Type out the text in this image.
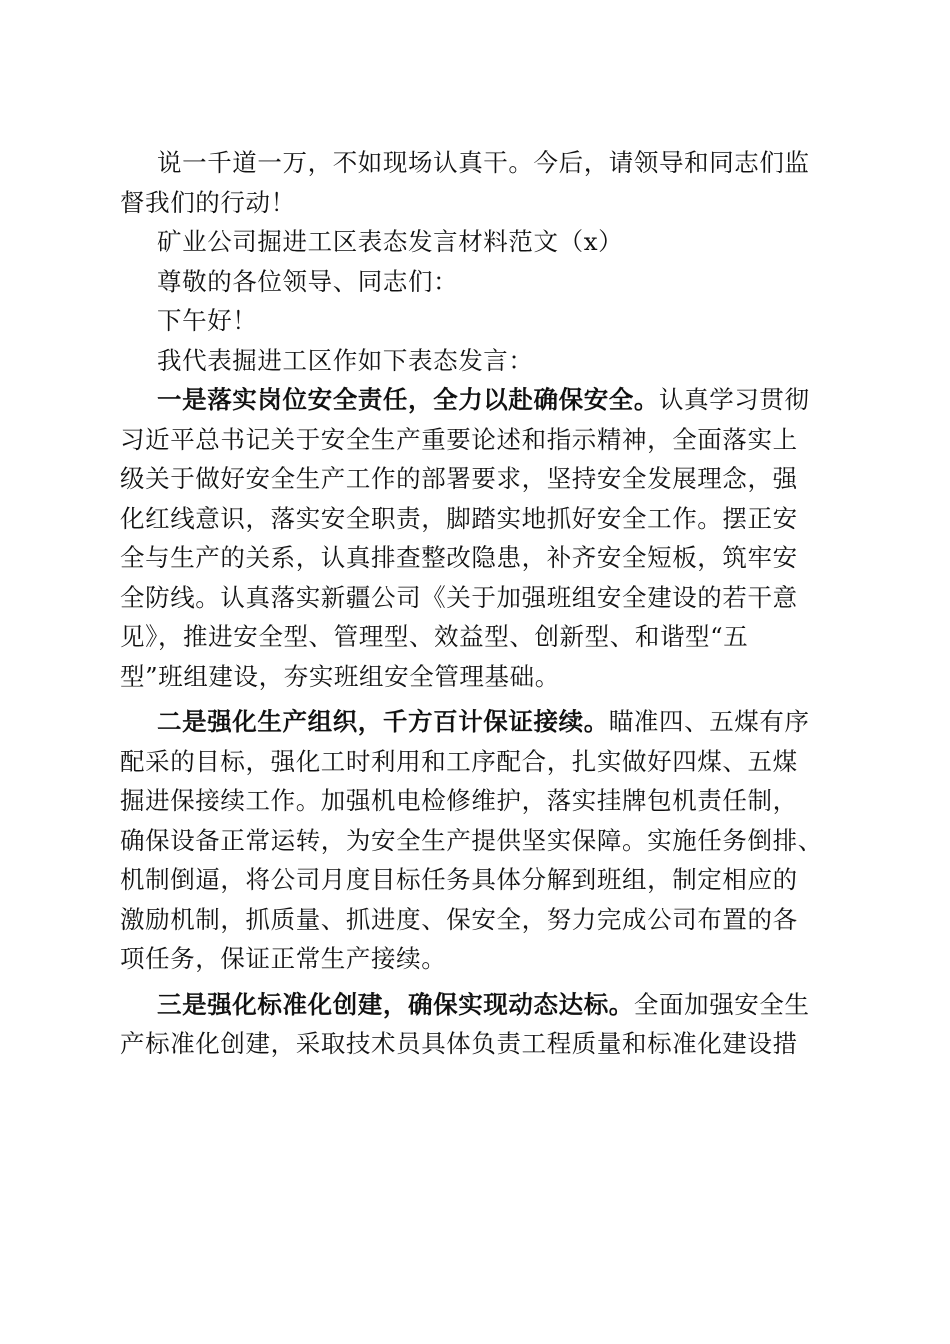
说一千道一万，不如现场认真干。今后，请领导和同志们监

督我们的行动！

矿业公司掘进工区表态发言材料范文（x）

尊敬的各位领导、同志们：

下午好！

我代表掘进工区作如下表态发言：

一是落实岗位安全责任，全力以赴确保安全。认真学习贯彻

习近平总书记关于安全生产重要论述和指示精神，全面落实上

级关于做好安全生产工作的部署要求，坚持安全发展理念，强

化红线意识，落实安全职责，脚踏实地抓好安全工作。摆正安

全与生产的关系，认真排查整改隐患，补齐安全短板，筑牢安

全防线。认真落实新疆公司《关于加强班组安全建设的若干意

见》，推进安全型、管理型、效益型、创新型、和谐型“五

型”班组建设，夯实班组安全管理基础。

二是强化生产组织，千方百计保证接续。瞄准四、五煤有序

配采的目标，强化工时利用和工序配合，扎实做好四煤、五煤

掘进保接续工作。加强机电检修维护，落实挂牌包机责任制，

确保设备正常运转，为安全生产提供坚实保障。实施任务倒排、

机制倒逼，将公司月度目标任务具体分解到班组，制定相应的

激励机制，抓质量、抓进度、保安全，努力完成公司布置的各

项任务，保证正常生产接续。

三是强化标准化创建，确保实现动态达标。全面加强安全生

产标准化创建，采取技术员具体负责工程质量和标准化建设措
